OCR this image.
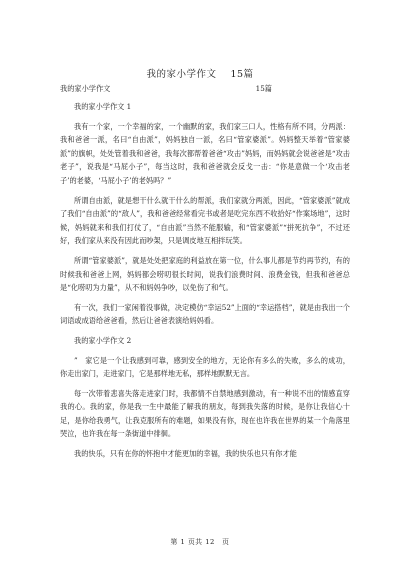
我的家小学作文 15篇
我的家小学作文	15篇

我的家小学作文 1

我有一个家，一个幸福的家，一个幽默的家，我们家三口人，性格有所不同，分两派：我和爸爸一派，名曰“自由派”，妈妈独自一派，名曰“管家婆派”。妈妈整天举着“管家婆派”的旗帜，处处管着我和爸爸，我每次都帮着爸爸“攻击”妈妈，而妈妈就会说爸爸是“攻击老子”，说我是“马屁小子”，每当这时，我和爸爸就会反戈一击：“你是意做一个‘攻击老子’的老婆，‘马屁小子’的老妈吗？”

所谓自由派，就是想干什么就干什么的帮派，我们家就分两派，因此，“管家婆派”就成了我们“自由派”的“敌人”，我和爸爸经常看完书或者是吃完东西不收拾好“作案场地”，这时候，妈妈就来和我们打仗了，“自由派”当然不能服输，和“管家婆派”“拼死抗争”，不过还好，我们家从来没有因此而吵架，只是调皮地互相拌玩笑。

所谓“管家婆派”，就是处处把家庭的利益放在第一位，什么事儿都是节约再节约，有的时候我和爸爸上网，妈妈都会唠叨很长时间，说我们浪费时间、浪费金钱，但我和爸爸总是“化唠叨为力量”，从不和妈妈争吵，以免伤了和气。

有一次，我们一家闲着没事做，决定模仿“幸运52”上面的“幸运搭档”，就是由我出一个词语或成语给爸爸看，然后让爸爸表演给妈妈看。

我的家小学作文 2

”　家它是一个让我感到可靠，感到安全的地方，无论你有多么的失败，多么的成功，你走出家门，走进家门，它是那样地无私，那样地默默无言。

每一次带着悲喜失落走进家门时，我都情不自禁地感到激动，有一种说不出的情感直穿我的心。我的家，你是我一生中最能了解我的朋友，每到我失落的时候，是你让我信心十足，是你给我勇气，让我克服所有的难题，如果没有你，现在也许我在世界的某一个角落里哭泣，也许我在每一条街道中徘徊。

我的快乐，只有在你的怀抱中才能更加的幸福，我的快乐也只有你才能

第 1 页共 12　页
